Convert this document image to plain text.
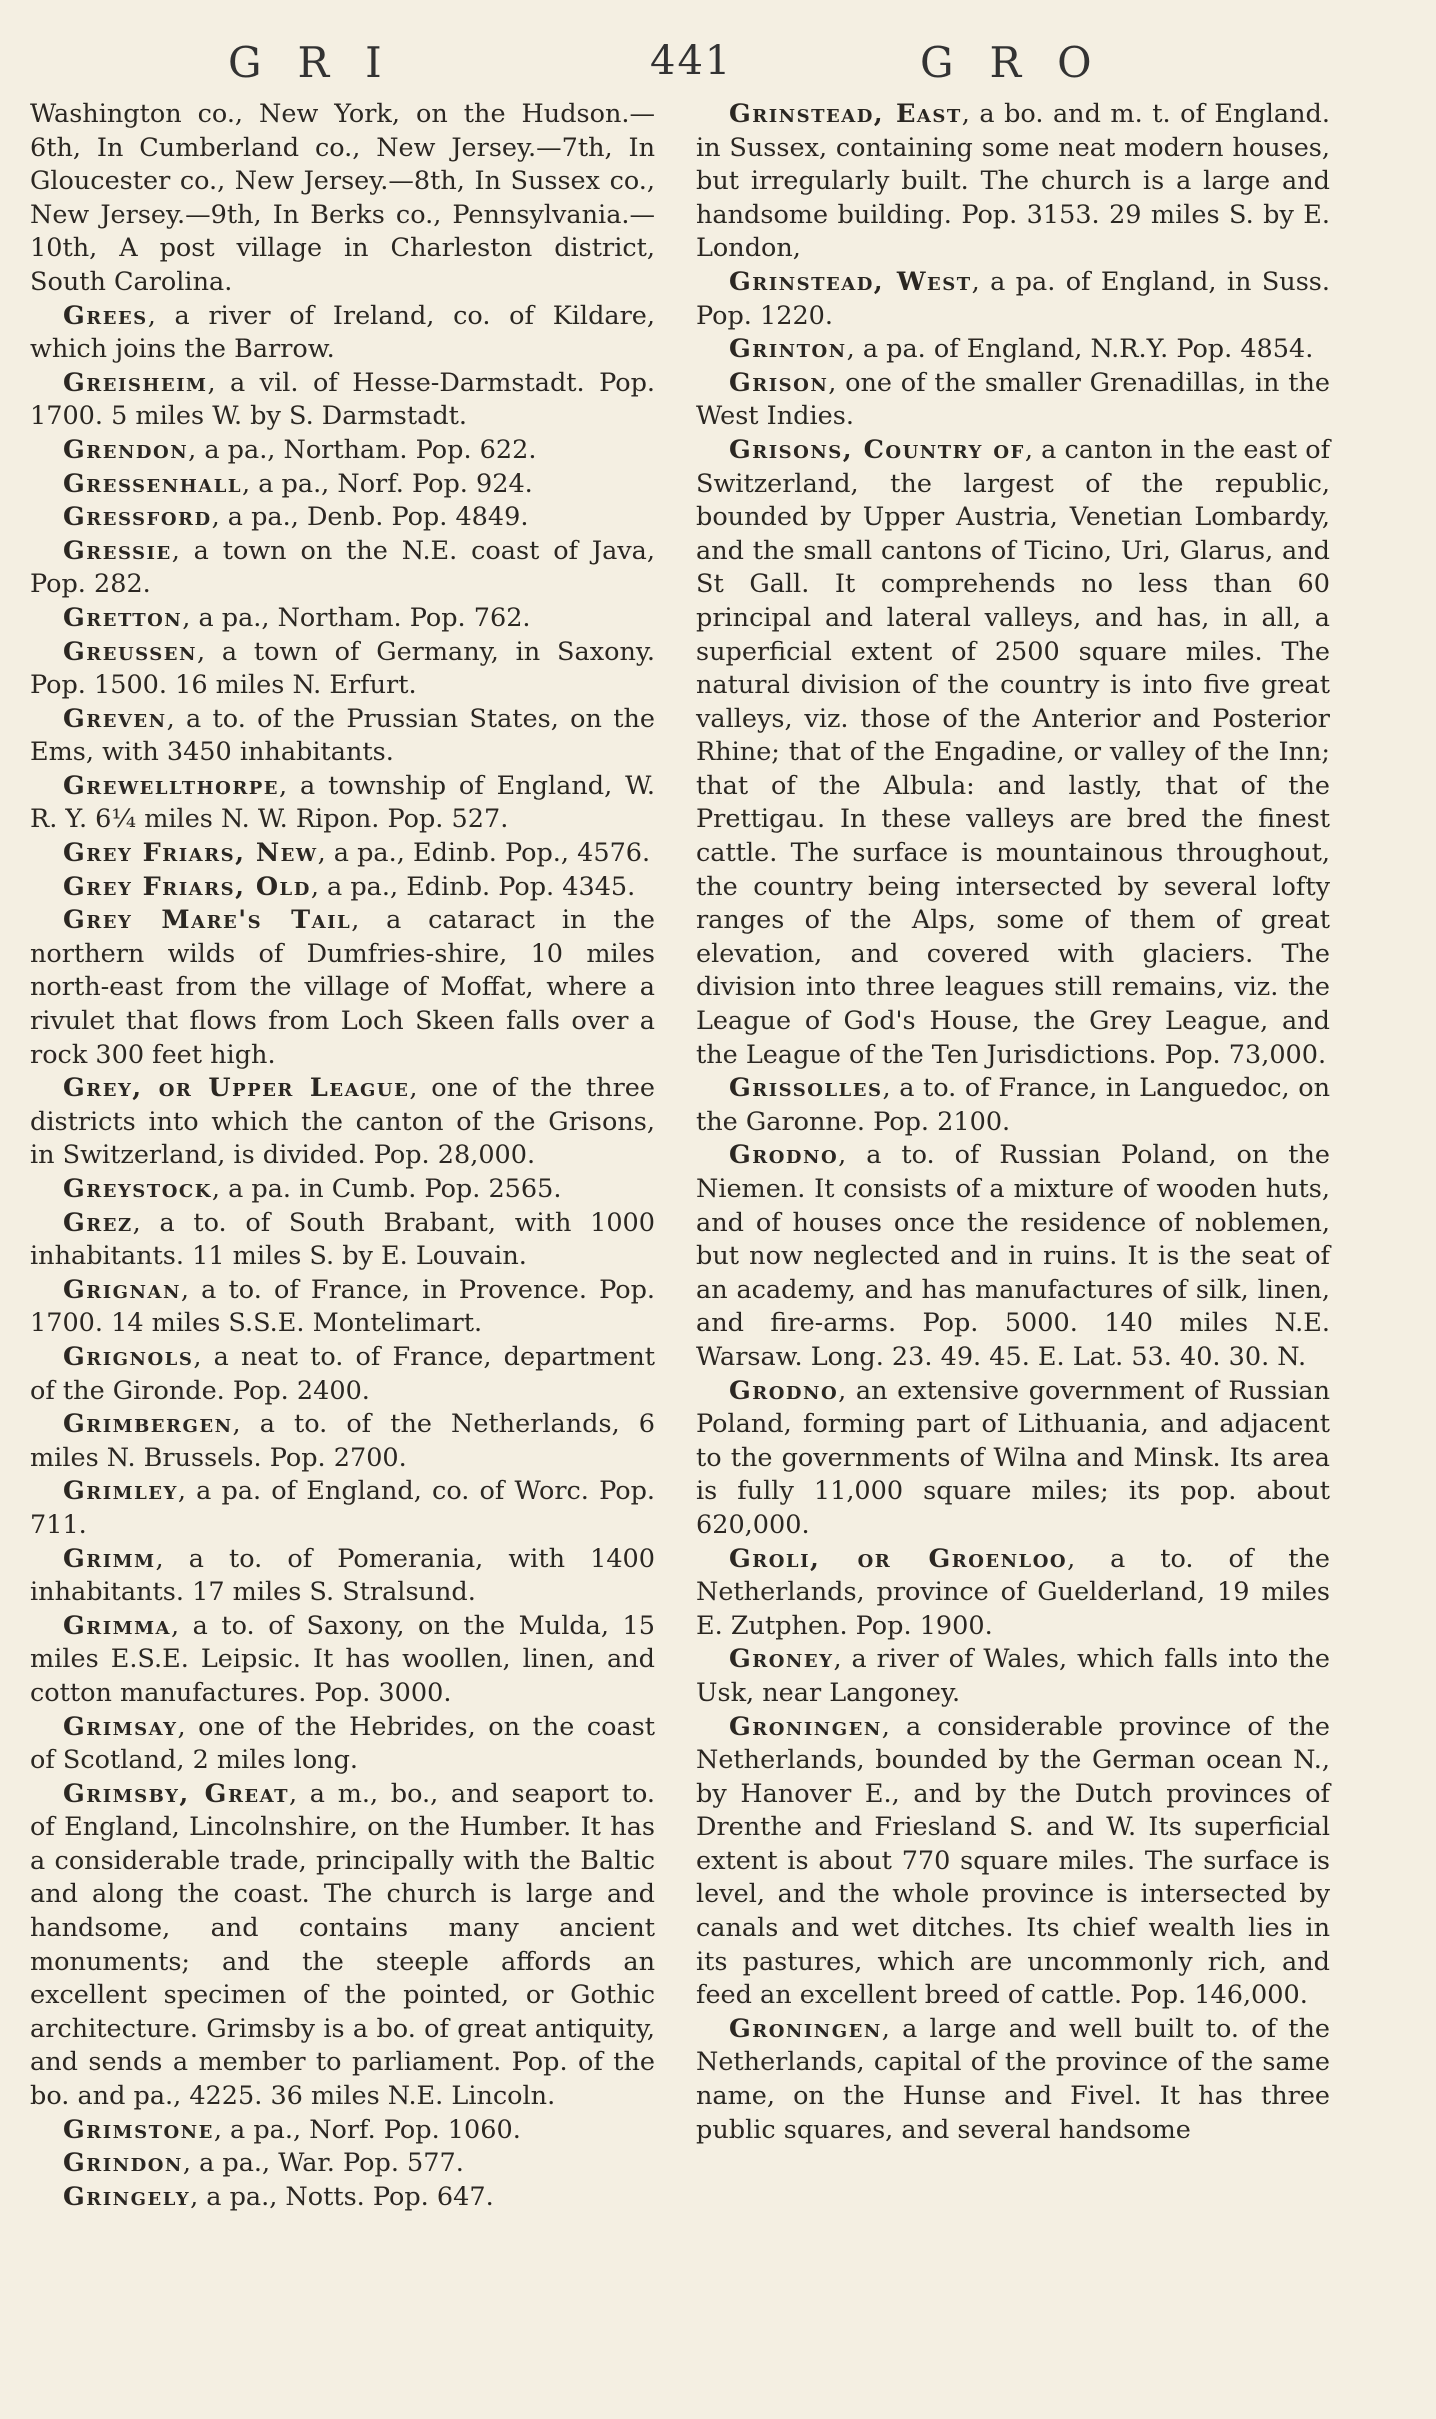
GRI	441	GRO

Washington co., New York, on the Hudson.—6th, In Cumberland co., New Jersey.—7th, In Gloucester co., New Jersey.—8th, In Sussex co., New Jersey.—9th, In Berks co., Pennsylvania.—10th, A post village in Charleston district, South Carolina.

Grees, a river of Ireland, co. of Kildare, which joins the Barrow.

Greisheim, a vil. of Hesse-Darmstadt. Pop. 1700. 5 miles W. by S. Darmstadt.

Grendon, a pa., Northam. Pop. 622.

Gressenhall, a pa., Norf. Pop. 924.

Gressford, a pa., Denb. Pop. 4849.

Gressie, a town on the N.E. coast of Java, Pop. 282.

Gretton, a pa., Northam. Pop. 762.

Greussen, a town of Germany, in Saxony. Pop. 1500. 16 miles N. Erfurt.

Greven, a to. of the Prussian States, on the Ems, with 3450 inhabitants.

Grewellthorpe, a township of England, W. R. Y. 6¼ miles N. W. Ripon. Pop. 527.

Grey Friars, New, a pa., Edinb. Pop., 4576.

Grey Friars, Old, a pa., Edinb. Pop. 4345.

Grey Mare's Tail, a cataract in the northern wilds of Dumfries-shire, 10 miles north-east from the village of Moffat, where a rivulet that flows from Loch Skeen falls over a rock 300 feet high.

Grey, or Upper League, one of the three districts into which the canton of the Grisons, in Switzerland, is divided. Pop. 28,000.

Greystock, a pa. in Cumb. Pop. 2565.

Grez, a to. of South Brabant, with 1000 inhabitants. 11 miles S. by E. Louvain.

Grignan, a to. of France, in Provence. Pop. 1700. 14 miles S.S.E. Montelimart.

Grignols, a neat to. of France, department of the Gironde. Pop. 2400.

Grimbergen, a to. of the Netherlands, 6 miles N. Brussels. Pop. 2700.

Grimley, a pa. of England, co. of Worc. Pop. 711.

Grimm, a to. of Pomerania, with 1400 inhabitants. 17 miles S. Stralsund.

Grimma, a to. of Saxony, on the Mulda, 15 miles E.S.E. Leipsic. It has woollen, linen, and cotton manufactures. Pop. 3000.

Grimsay, one of the Hebrides, on the coast of Scotland, 2 miles long.

Grimsby, Great, a m., bo., and seaport to. of England, Lincolnshire, on the Humber. It has a considerable trade, principally with the Baltic and along the coast. The church is large and handsome, and contains many ancient monuments; and the steeple affords an excellent specimen of the pointed, or Gothic architecture. Grimsby is a bo. of great antiquity, and sends a member to parliament. Pop. of the bo. and pa., 4225. 36 miles N.E. Lincoln.

Grimstone, a pa., Norf. Pop. 1060.

Grindon, a pa., War. Pop. 577.

Gringely, a pa., Notts. Pop. 647.

Grinstead, East, a bo. and m. t. of England. in Sussex, containing some neat modern houses, but irregularly built. The church is a large and handsome building. Pop. 3153. 29 miles S. by E. London,

Grinstead, West, a pa. of England, in Suss. Pop. 1220.

Grinton, a pa. of England, N.R.Y. Pop. 4854.

Grison, one of the smaller Grenadillas, in the West Indies.

Grisons, Country of, a canton in the east of Switzerland, the largest of the republic, bounded by Upper Austria, Venetian Lombardy, and the small cantons of Ticino, Uri, Glarus, and St Gall. It comprehends no less than 60 principal and lateral valleys, and has, in all, a superficial extent of 2500 square miles. The natural division of the country is into five great valleys, viz. those of the Anterior and Posterior Rhine; that of the Engadine, or valley of the Inn; that of the Albula: and lastly, that of the Prettigau. In these valleys are bred the finest cattle. The surface is mountainous throughout, the country being intersected by several lofty ranges of the Alps, some of them of great elevation, and covered with glaciers. The division into three leagues still remains, viz. the League of God's House, the Grey League, and the League of the Ten Jurisdictions. Pop. 73,000.

Grissolles, a to. of France, in Languedoc, on the Garonne. Pop. 2100.

Grodno, a to. of Russian Poland, on the Niemen. It consists of a mixture of wooden huts, and of houses once the residence of noblemen, but now neglected and in ruins. It is the seat of an academy, and has manufactures of silk, linen, and fire-arms. Pop. 5000. 140 miles N.E. Warsaw. Long. 23. 49. 45. E. Lat. 53. 40. 30. N.

Grodno, an extensive government of Russian Poland, forming part of Lithuania, and adjacent to the governments of Wilna and Minsk. Its area is fully 11,000 square miles; its pop. about 620,000.

Groli, or Groenloo, a to. of the Netherlands, province of Guelderland, 19 miles E. Zutphen. Pop. 1900.

Groney, a river of Wales, which falls into the Usk, near Langoney.

Groningen, a considerable province of the Netherlands, bounded by the German ocean N., by Hanover E., and by the Dutch provinces of Drenthe and Friesland S. and W. Its superficial extent is about 770 square miles. The surface is level, and the whole province is intersected by canals and wet ditches. Its chief wealth lies in its pastures, which are uncommonly rich, and feed an excellent breed of cattle. Pop. 146,000.

Groningen, a large and well built to. of the Netherlands, capital of the province of the same name, on the Hunse and Fivel. It has three public squares, and several handsome
